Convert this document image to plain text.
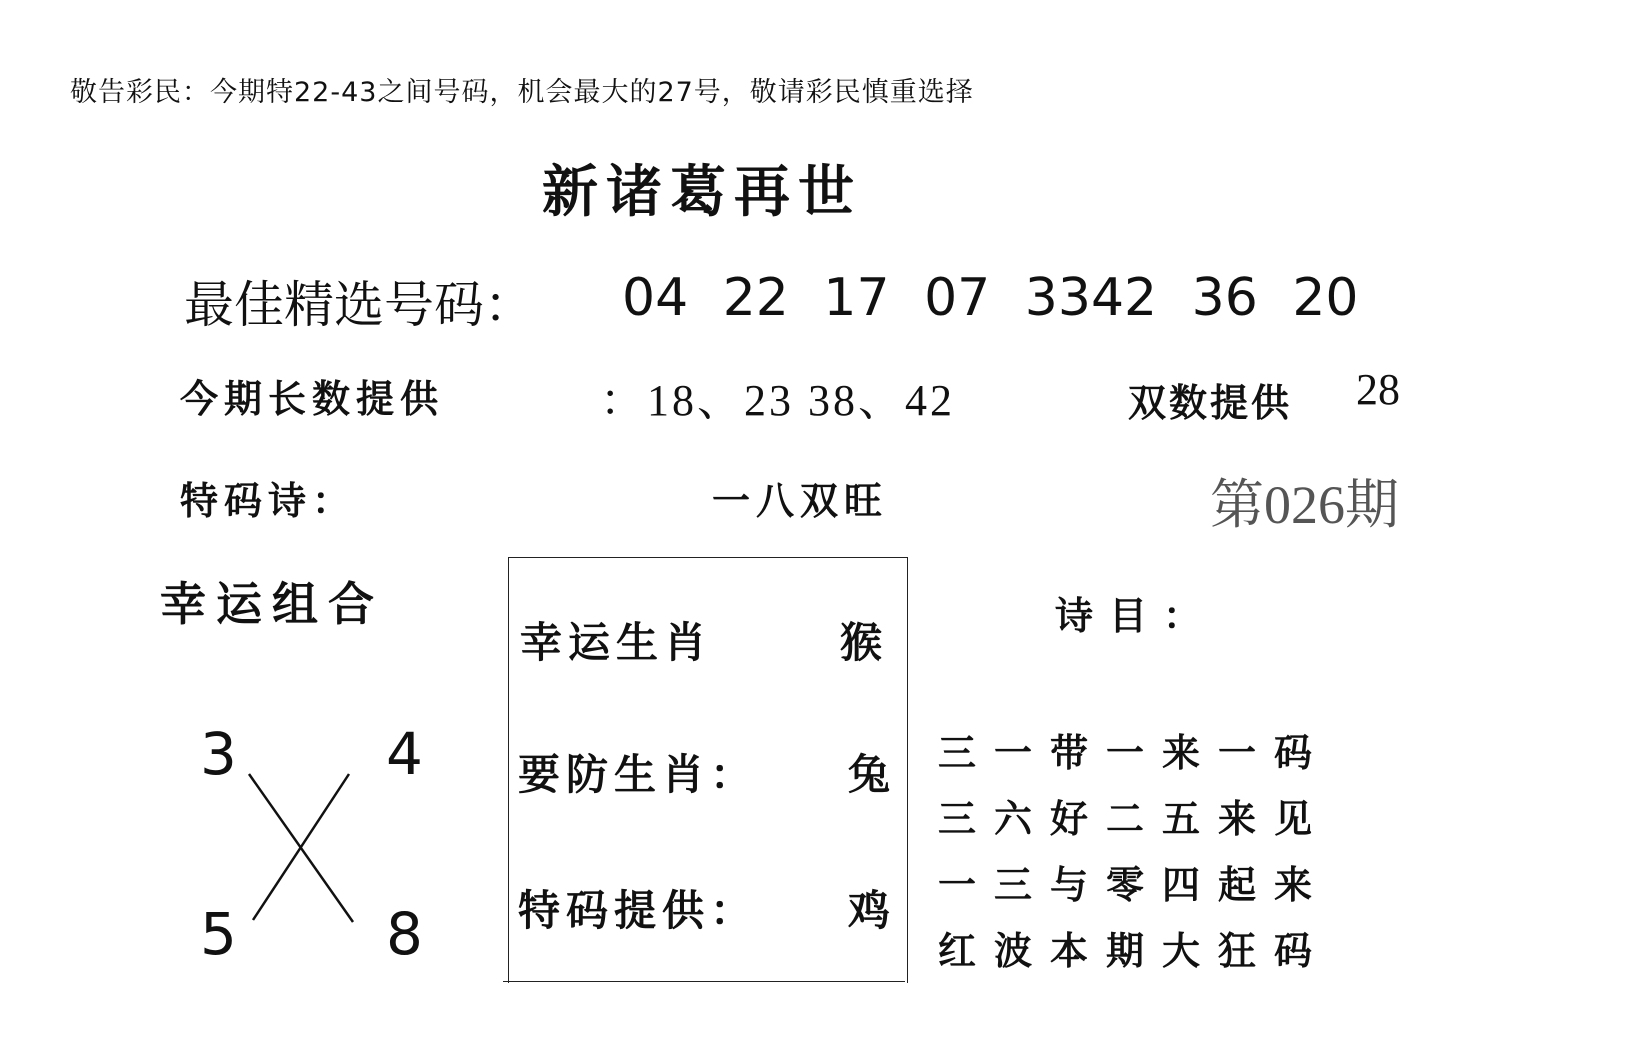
敬告彩民：今期特22-43之间号码，机会最大的27号，敬请彩民慎重选择
新诸葛再世
最佳精选号码： 04 22 17 07 3342 36 20
今期长数提供	：18、23 38、42	双数提供 28
特码诗：	一八双旺	第026期
幸运组合
3	4
5	8
幸运生肖	猴
要防生肖： 兔
特码提供： 鸡
诗目：
三一带一来一码
三六好二五来见
一三与零四起来
红波本期大狂码
